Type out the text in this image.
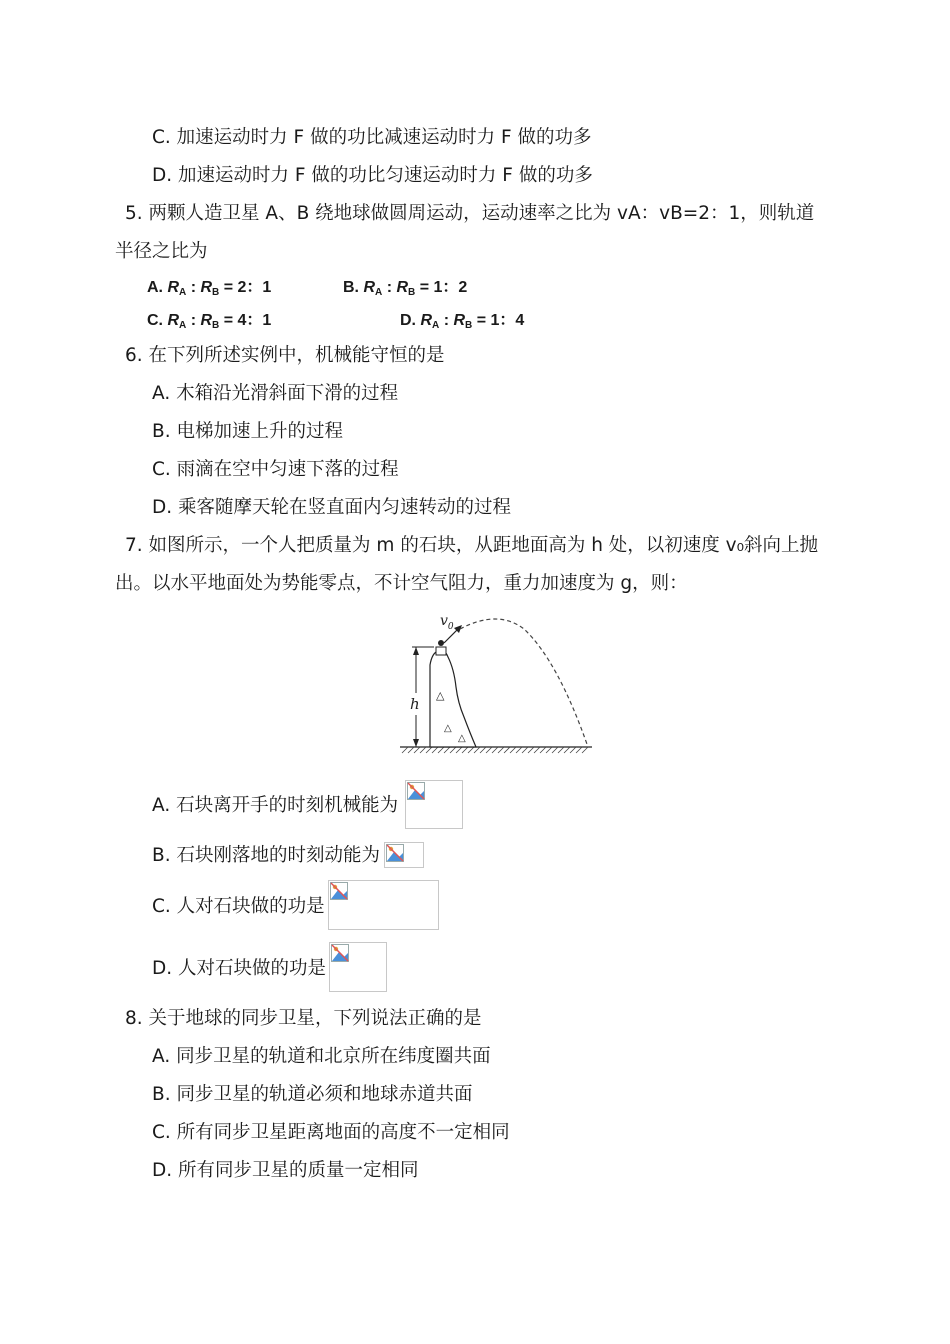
C. 加速运动时力 F 做的功比减速运动时力 F 做的功多
D. 加速运动时力 F 做的功比匀速运动时力 F 做的功多
5. 两颗人造卫星 A、B 绕地球做圆周运动，运动速率之比为 vA：vB=2：1，则轨道
半径之比为
A. $R_A$ : $R_B = 2$：1	B. $R_A$ : $R_B = 1$：2
C. $R_A$ : $R_B = 4$：1	D. $R_A$ : $R_B = 1$：4
6. 在下列所述实例中，机械能守恒的是
A. 木箱沿光滑斜面下滑的过程
B. 电梯加速上升的过程
C. 雨滴在空中匀速下落的过程
D. 乘客随摩天轮在竖直面内匀速转动的过程
7. 如图所示，一个人把质量为 m 的石块，从距地面高为 h 处，以初速度 v₀斜向上抛
出。以水平地面处为势能零点，不计空气阻力，重力加速度为 g，则：
h △
△
△
$v_0$
A. 石块离开手的时刻机械能为
B. 石块刚落地的时刻动能为
C. 人对石块做的功是
D. 人对石块做的功是
8. 关于地球的同步卫星，下列说法正确的是
A. 同步卫星的轨道和北京所在纬度圈共面
B. 同步卫星的轨道必须和地球赤道共面
C. 所有同步卫星距离地面的高度不一定相同
D. 所有同步卫星的质量一定相同
